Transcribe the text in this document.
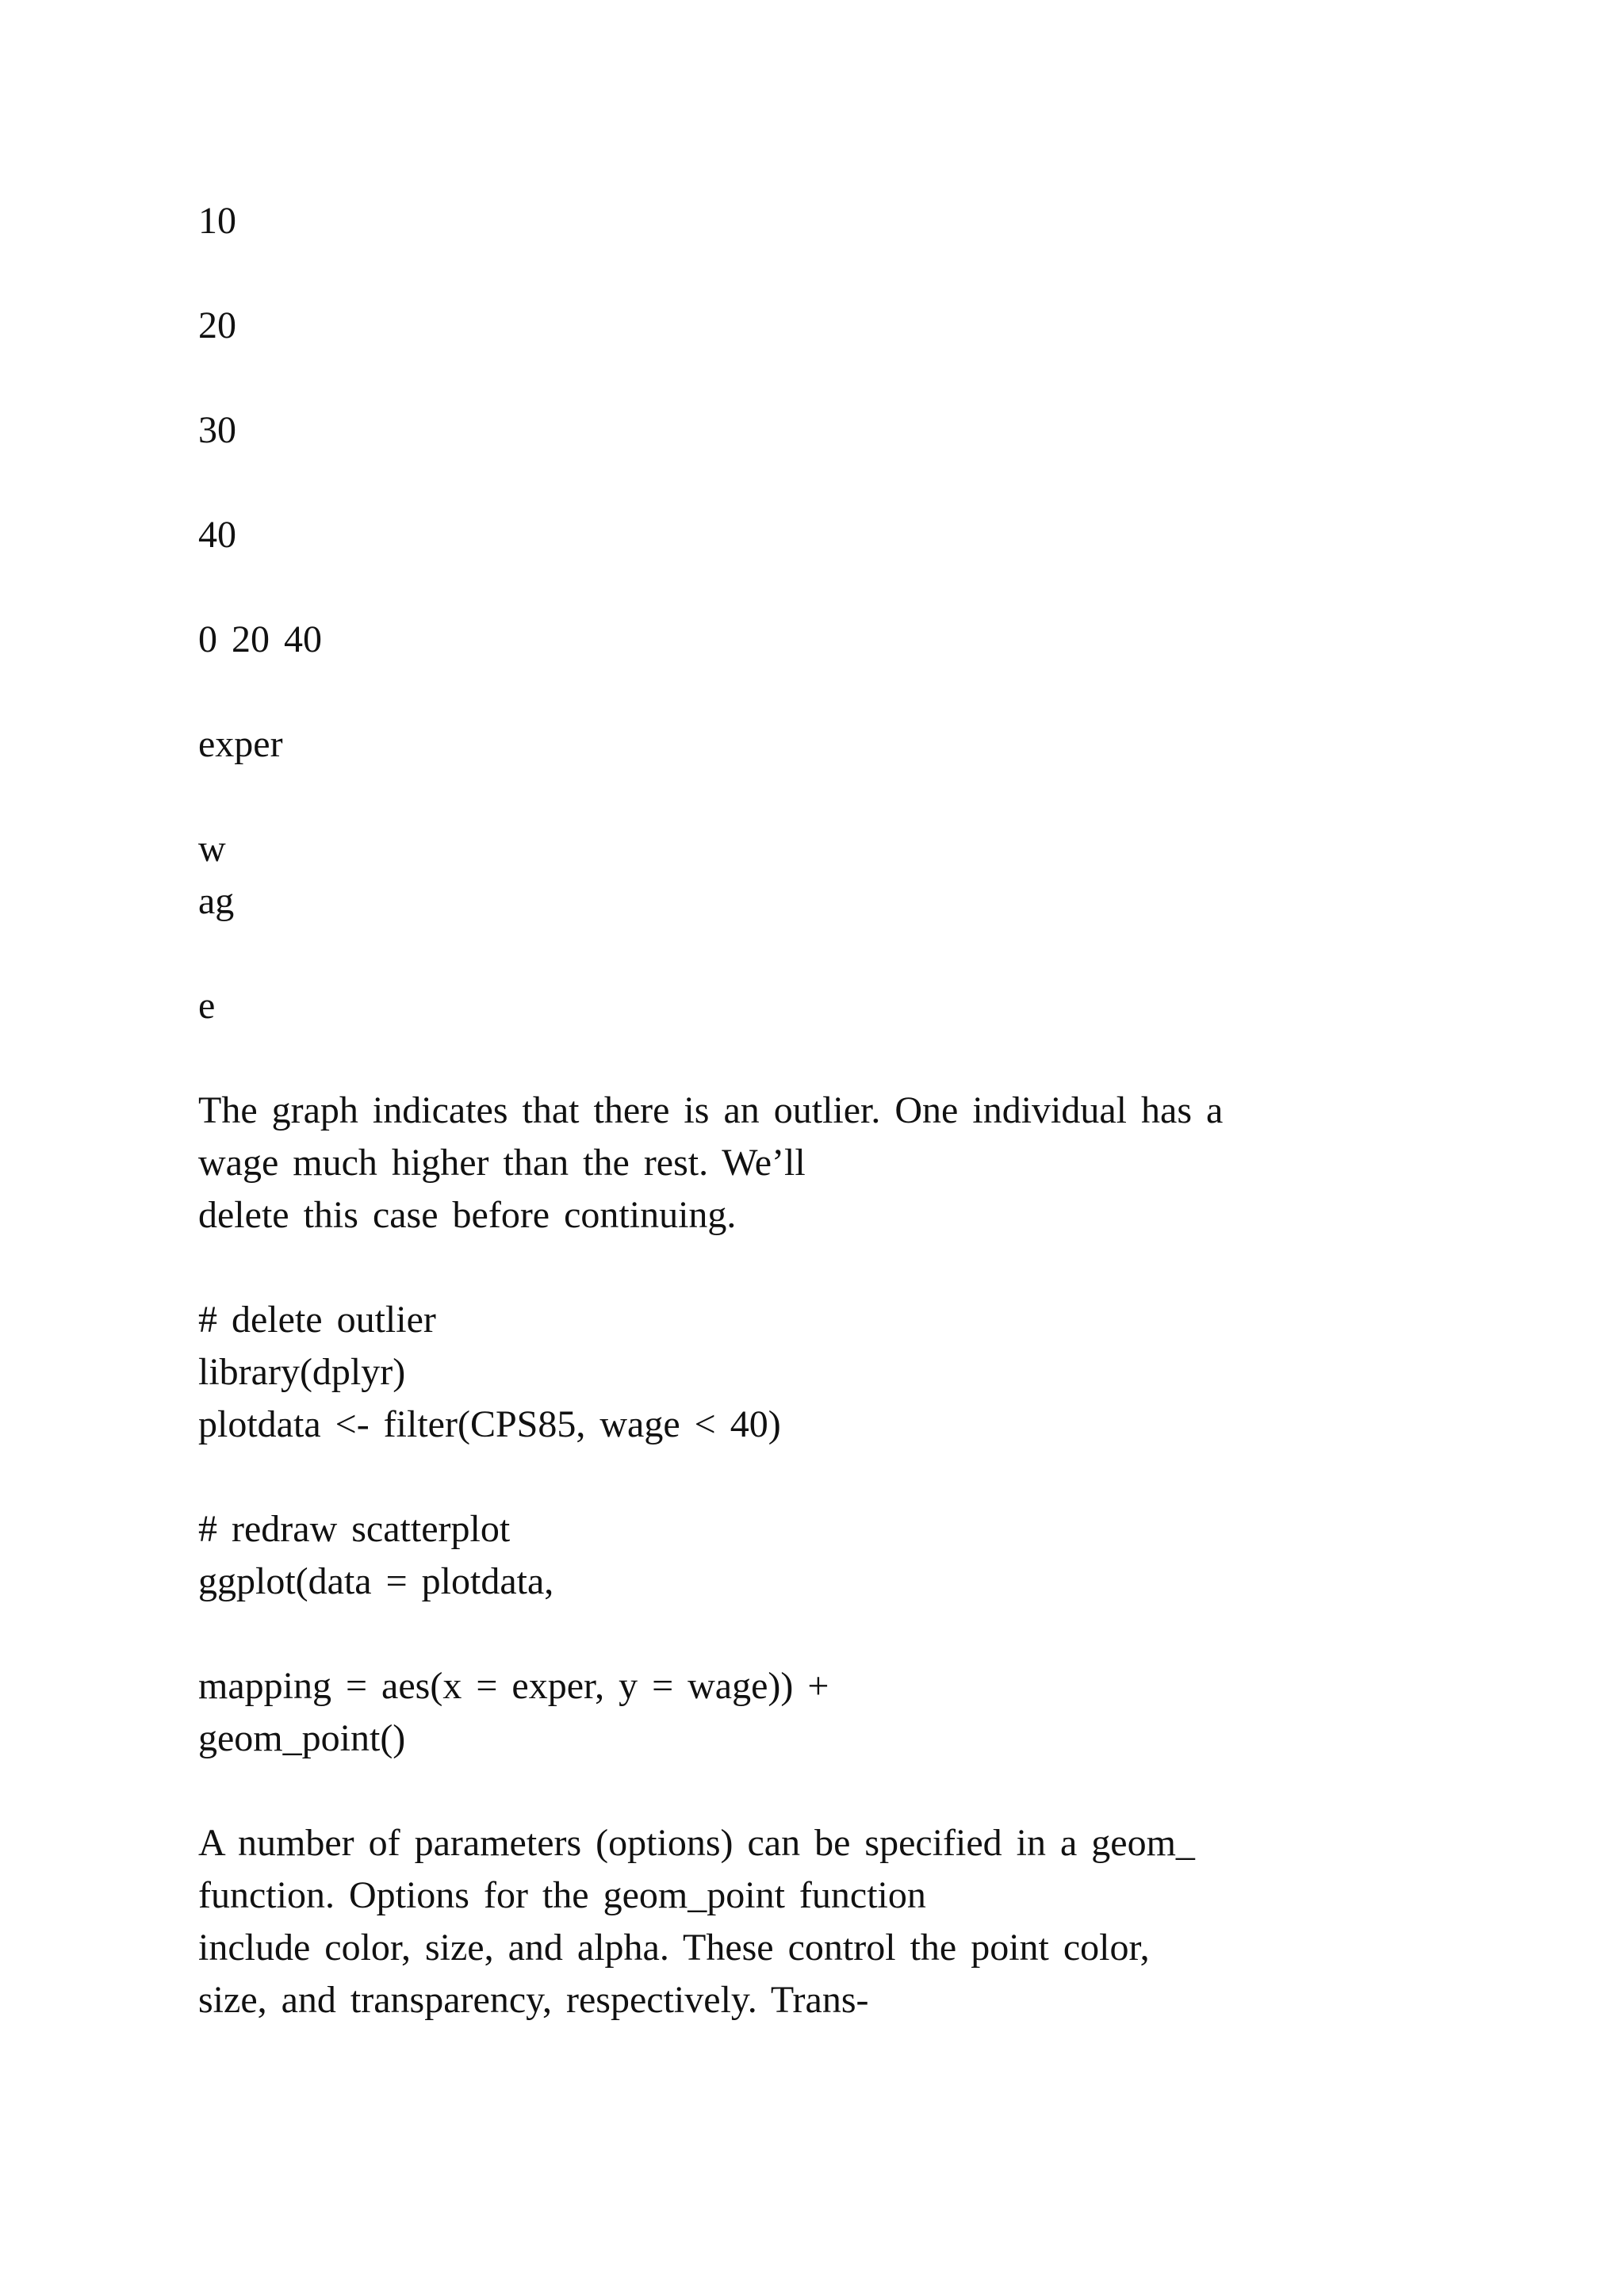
10
20
30
40
0 20 40
exper
w
ag
e
The graph indicates that there is an outlier. One individual has a
wage much higher than the rest. We’ll
delete this case before continuing.
# delete outlier
library(dplyr)
plotdata <- filter(CPS85, wage < 40)
# redraw scatterplot
ggplot(data = plotdata,
mapping = aes(x = exper, y = wage)) +
geom_point()
A number of parameters (options) can be specified in a geom_
function. Options for the geom_point function
include color, size, and alpha. These control the point color,
size, and transparency, respectively. Trans-
